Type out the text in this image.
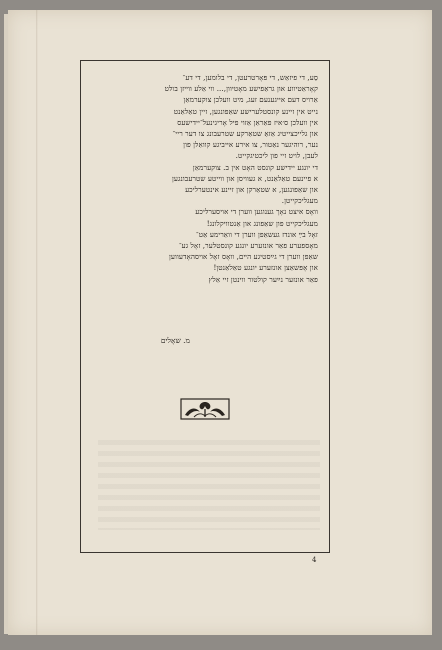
סַע, די פיזאַש, די פּאָרטרעטן, די בלומען, די דע־

קאָראַטיווע און גראַפישע מאָטיוון,... ווי אַלע ווייזן בולט

אַרויס דעם אייגענעם זעג, מיט וועלכן צוקערמאַן

נייט אין זיינע קונסטלערישע שאַפונגען, זיין טאַלאַנט

אין וועלכן ס׳איז פאַראַן אַזוי פיל אָריגינעל־יידישעס

און גלייכצייטיג אַזאַ שטאַרקע שטרעבונג צו דער ריי־

נער, רוהיגער נאַטור, צו אירע אייביגע קוואַלן פון

לעבן, לויט זיי פון ליכטיגקייט.

די יונגע יידישע קונסט האָט אין ב. צוקערמאַן

א פיינעם טאַלאַנט, א געוויסן און ווייטע שטרעבונגען

און שאַפונגען, א שטאַרקן און זיינע אינטערליכע

מעגליכקייטן.

וואָס איצט נאָך גענוגען ווערן די אויסערליכע

מעגליכקייט פון שאַפונג און אַנטוויקלונג!

זאָל בײַ אונדז געשאַפן ווערן די וואַרימע אַט־

מאָספערע פאַר אונזערע יונגע קונסטלער, זאָל גע־

שאַפן ווערן די גײַסטיגע הײם, וואָס זאָל אויסהאָדעווען

און אָפּשאַצן אונזערע יונגע טאַלאַנטן!

פאַר אונזער נײַער קולטור ווינטן זיי אַלץ

מ. שאָלים
4
